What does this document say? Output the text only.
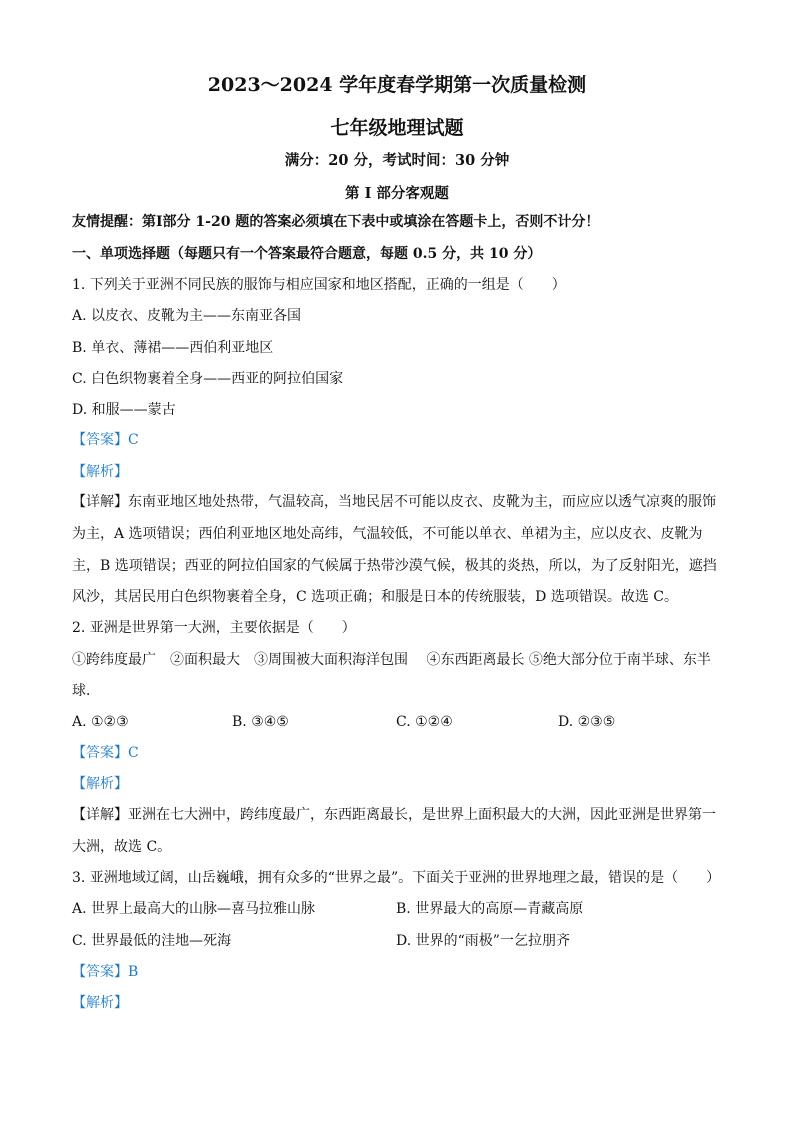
2023～2024 学年度春学期第一次质量检测
七年级地理试题
满分：20 分，考试时间：30 分钟
第 I 部分客观题
友情提醒：第Ⅰ部分 1-20 题的答案必须填在下表中或填涂在答题卡上，否则不计分！
一、单项选择题（每题只有一个答案最符合题意，每题 0.5 分，共 10 分）
1. 下列关于亚洲不同民族的服饰与相应国家和地区搭配，正确的一组是（　　）
A. 以皮衣、皮靴为主——东南亚各国
B. 单衣、薄裙——西伯利亚地区
C. 白色织物裹着全身——西亚的阿拉伯国家
D. 和服——蒙古
【答案】C
【解析】
【详解】东南亚地区地处热带，气温较高，当地民居不可能以皮衣、皮靴为主，而应应以透气凉爽的服饰
为主，A 选项错误；西伯利亚地区地处高纬，气温较低，不可能以单衣、单裙为主，应以皮衣、皮靴为
主，B 选项错误；西亚的阿拉伯国家的气候属于热带沙漠气候，极其的炎热，所以，为了反射阳光，遮挡
风沙，其居民用白色织物裹着全身，C 选项正确；和服是日本的传统服装，D 选项错误。故选 C。
2. 亚洲是世界第一大洲，主要依据是（　　）
①跨纬度最广　②面积最大　③周围被大面积海洋包围　 ④东西距离最长 ⑤绝大部分位于南半球、东半
球．
A. ①②③	B. ③④⑤	C. ①②④	D. ②③⑤
【答案】C
【解析】
【详解】亚洲在七大洲中，跨纬度最广，东西距离最长，是世界上面积最大的大洲，因此亚洲是世界第一
大洲，故选 C。
3. 亚洲地域辽阔，山岳巍峨，拥有众多的“世界之最”。下面关于亚洲的世界地理之最，错误的是（　　）
A. 世界上最高大的山脉—喜马拉雅山脉	B. 世界最大的高原—青藏高原
C. 世界最低的洼地—死海	D. 世界的“雨极”一乞拉朋齐
【答案】B
【解析】
